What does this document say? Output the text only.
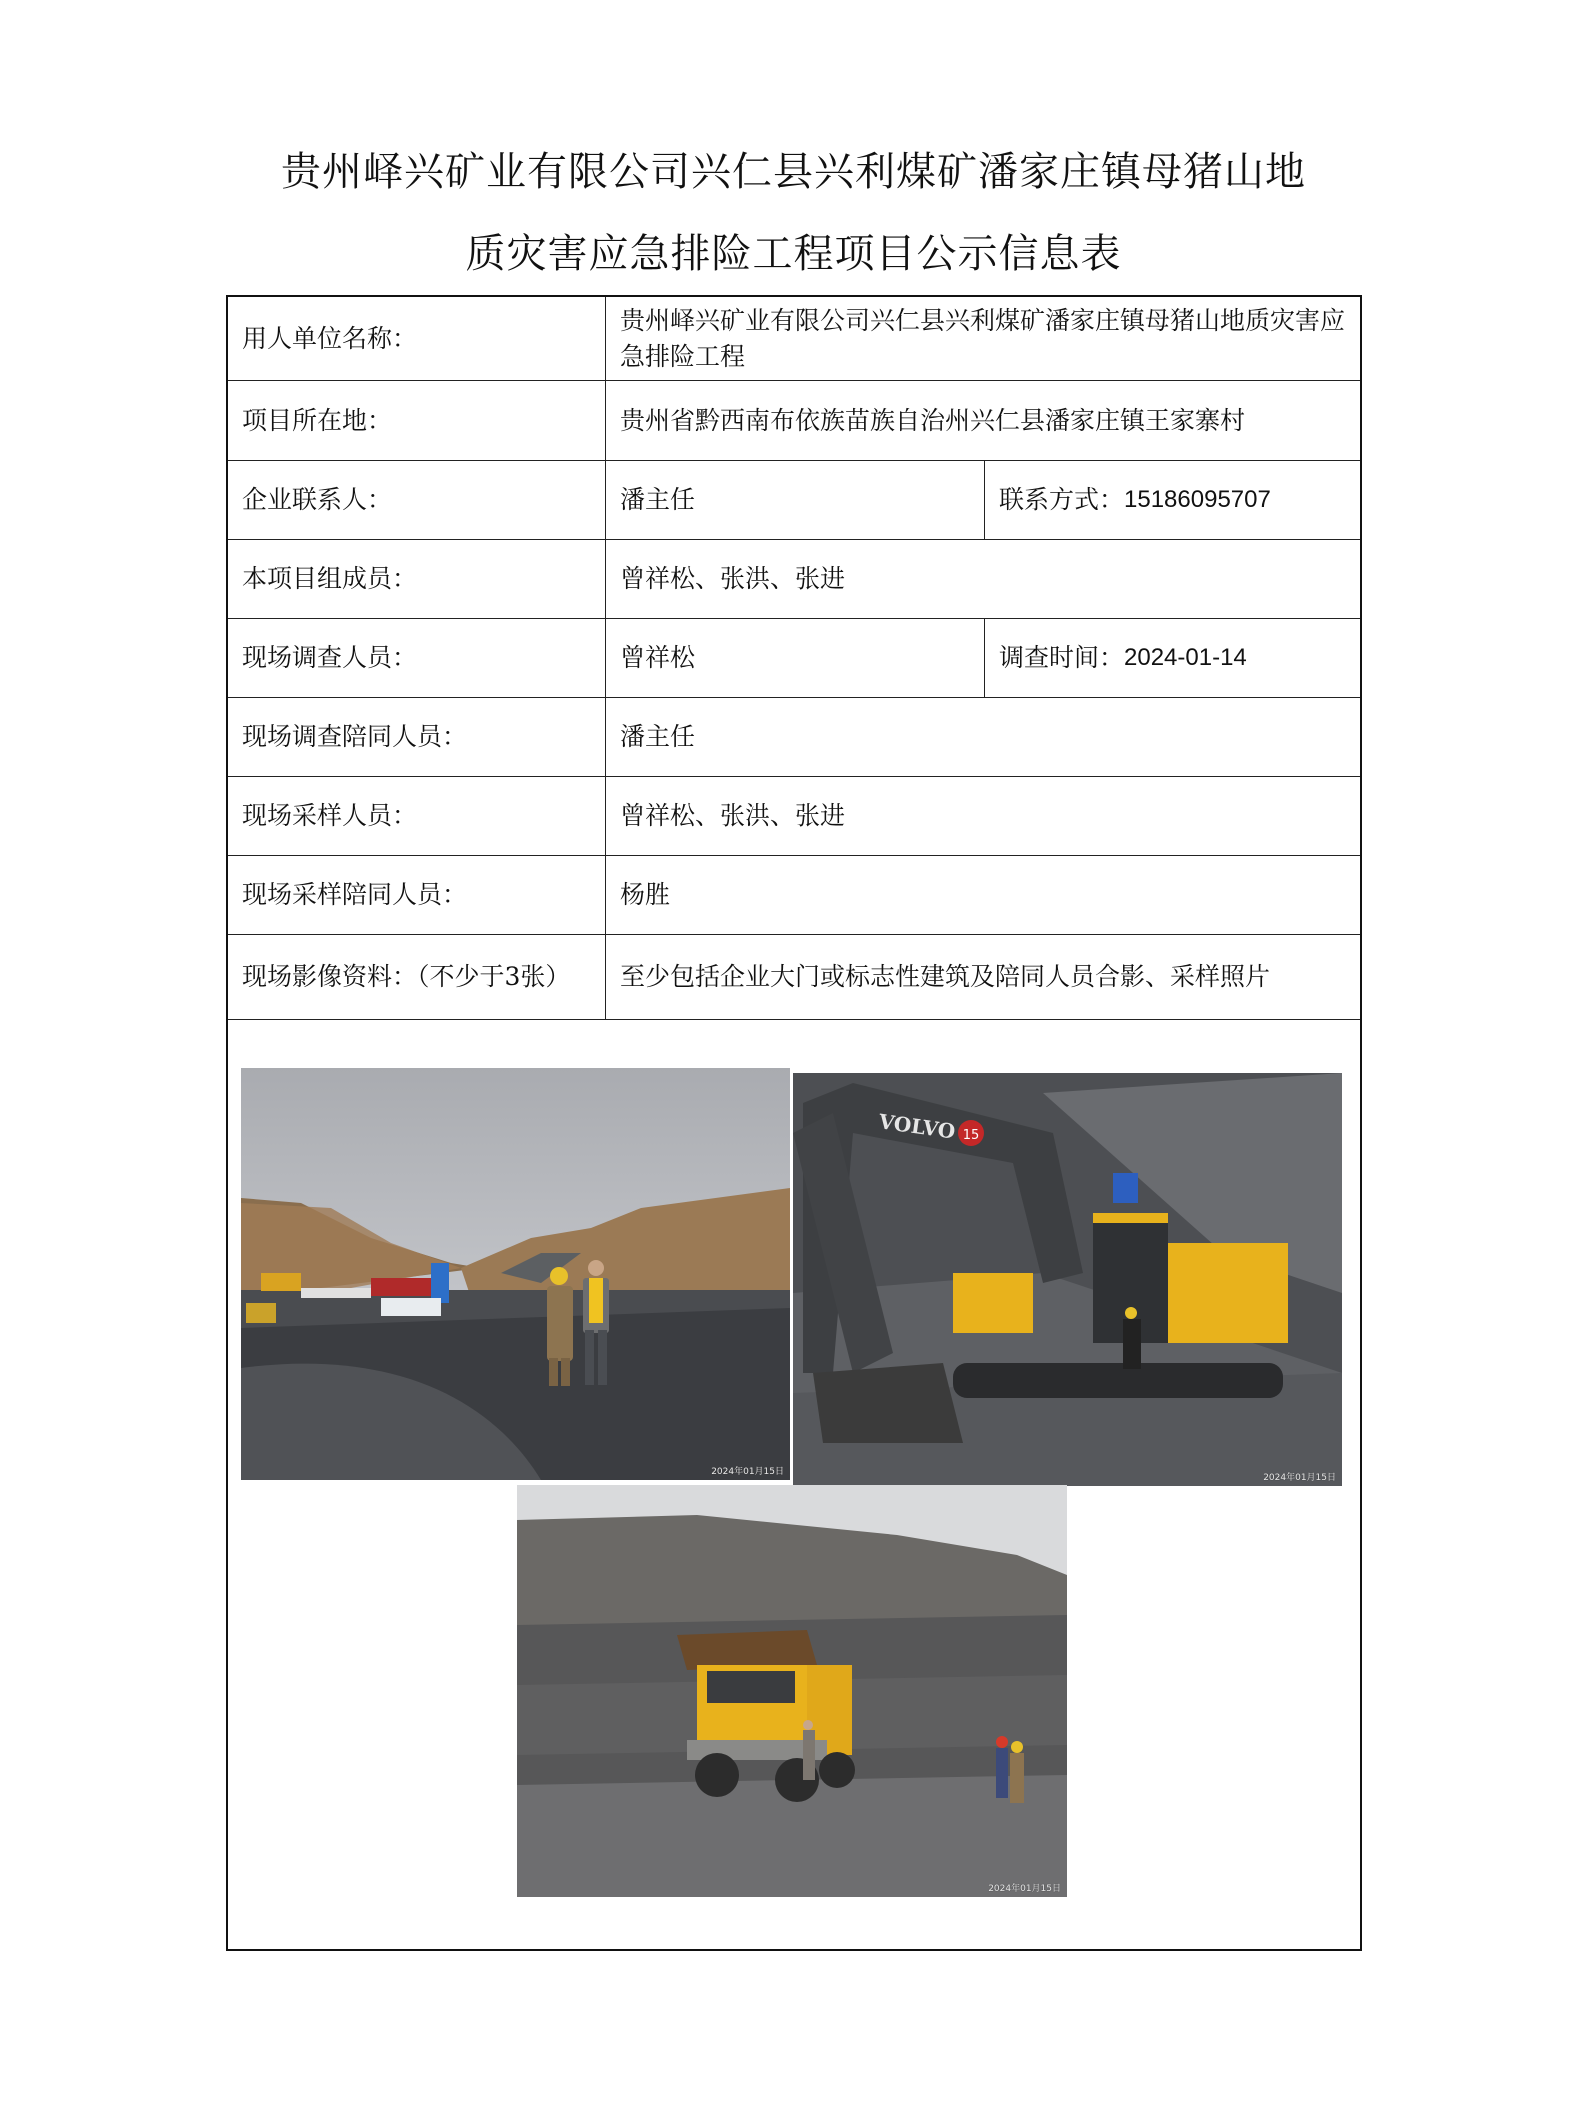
贵州峄兴矿业有限公司兴仁县兴利煤矿潘家庄镇母猪山地
质灾害应急排险工程项目公示信息表
用人单位名称：
贵州峄兴矿业有限公司兴仁县兴利煤矿潘家庄镇母猪山地质灾害应急排险工程
项目所在地：	贵州省黔西南布依族苗族自治州兴仁县潘家庄镇王家寨村
企业联系人：	潘主任	联系方式： 15186095707
本项目组成员：	曾祥松、张洪、张进
现场调查人员：	曾祥松	调查时间： 2024-01-14
现场调查陪同人员：	潘主任
现场采样人员：	曾祥松、张洪、张进
现场采样陪同人员：	杨胜
现场影像资料：（不少于3张）	至少包括企业大门或标志性建筑及陪同人员合影、采样照片
2024年01月15日
VOLVO 15
2024年01月15日
2024年01月15日
